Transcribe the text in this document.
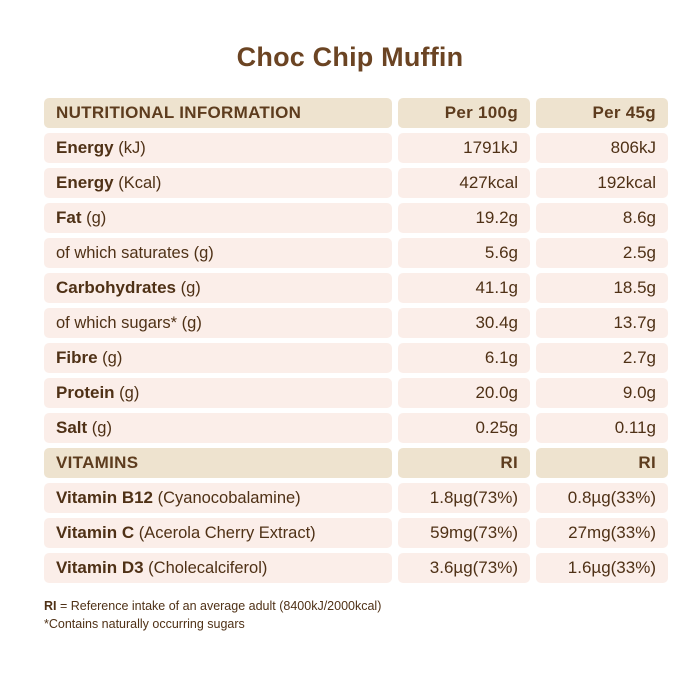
Choc Chip Muffin
NUTRITIONAL INFORMATION	Per 100g	Per 45g

Energy
(kJ)	1791kJ	806kJ

Energy
(Kcal)	427kcal	192kcal

Fat
(g)	19.2g	8.6g

of which saturates
(g)	5.6g	2.5g

Carbohydrates
(g)	41.1g	18.5g

of which sugars*
(g)	30.4g	13.7g

Fibre
(g)	6.1g	2.7g

Protein
(g)	20.0g	9.0g

Salt
(g)	0.25g	0.11g

VITAMINS	RI	RI

Vitamin B12
(Cyanocobalamine)	1.8µg(73%)	0.8µg(33%)

Vitamin C
(Acerola Cherry Extract)	59mg(73%)	27mg(33%)

Vitamin D3
(Cholecalciferol)	3.6µg(73%)	1.6µg(33%)
RI = Reference intake of an average adult (8400kJ/2000kcal)
*Contains naturally occurring sugars
